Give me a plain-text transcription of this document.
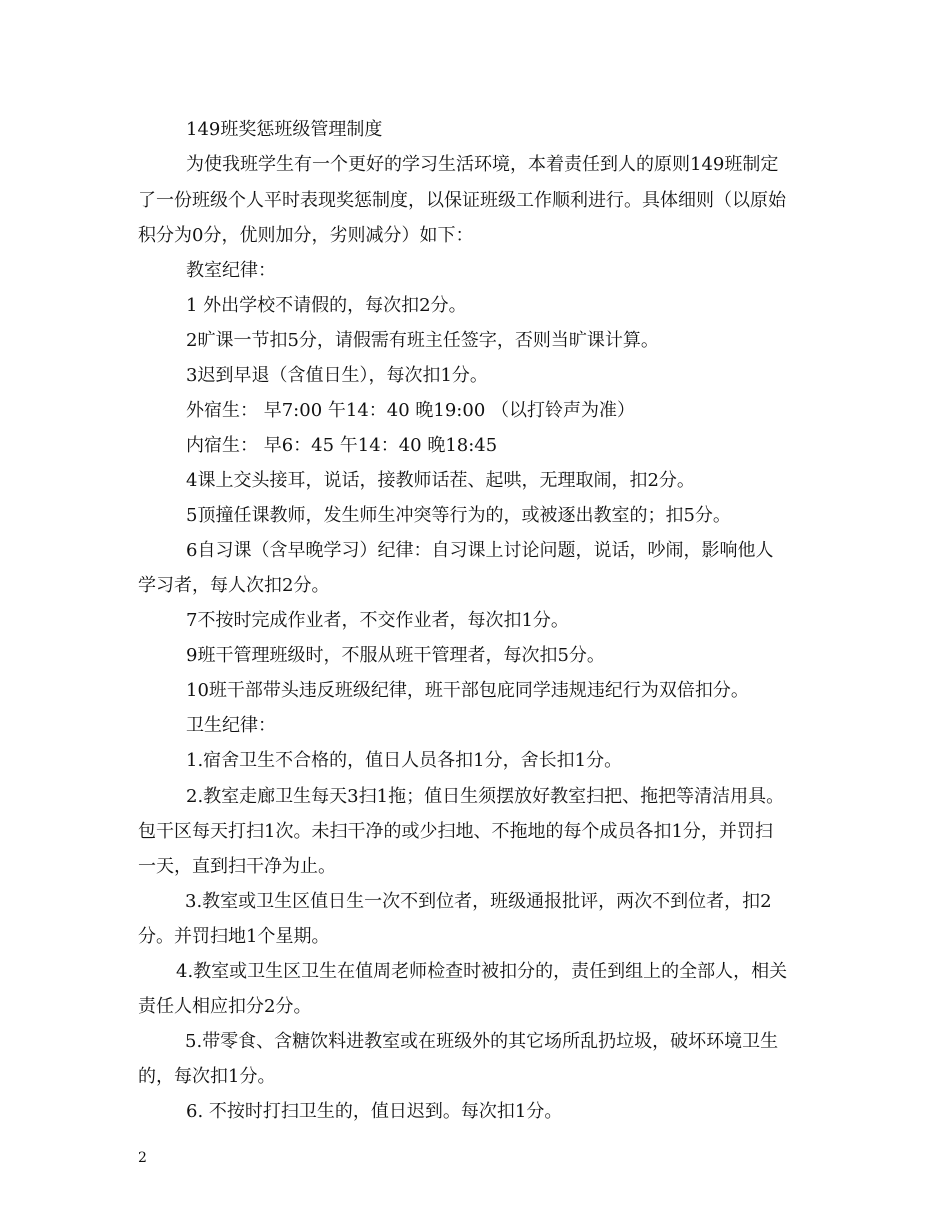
149班奖惩班级管理制度
为使我班学生有一个更好的学习生活环境，本着责任到人的原则149班制定
了一份班级个人平时表现奖惩制度，以保证班级工作顺利进行。具体细则（以原始
积分为0分，优则加分，劣则减分）如下：
教室纪律：
1 外出学校不请假的，每次扣2分。
2旷课一节扣5分，请假需有班主任签字，否则当旷课计算。
3迟到早退（含值日生），每次扣1分。
外宿生： 早7:00 午14：40 晚19:00 （以打铃声为准）
内宿生： 早6：45 午14：40 晚18:45
4课上交头接耳，说话，接教师话茬、起哄，无理取闹，扣2分。
5顶撞任课教师，发生师生冲突等行为的，或被逐出教室的；扣5分。
6自习课（含早晚学习）纪律：自习课上讨论问题，说话，吵闹，影响他人
学习者，每人次扣2分。
7不按时完成作业者，不交作业者，每次扣1分。
9班干管理班级时，不服从班干管理者，每次扣5分。
10班干部带头违反班级纪律，班干部包庇同学违规违纪行为双倍扣分。
卫生纪律：
1.宿舍卫生不合格的，值日人员各扣1分，舍长扣1分。
2.教室走廊卫生每天3扫1拖；值日生须摆放好教室扫把、拖把等清洁用具。
包干区每天打扫1次。未扫干净的或少扫地、不拖地的每个成员各扣1分，并罚扫
一天，直到扫干净为止。
3.教室或卫生区值日生一次不到位者，班级通报批评，两次不到位者，扣2
分。并罚扫地1个星期。
4.教室或卫生区卫生在值周老师检查时被扣分的，责任到组上的全部人，相关
责任人相应扣分2分。
5.带零食、含糖饮料进教室或在班级外的其它场所乱扔垃圾，破坏环境卫生
的，每次扣1分。
6. 不按时打扫卫生的，值日迟到。每次扣1分。
2
